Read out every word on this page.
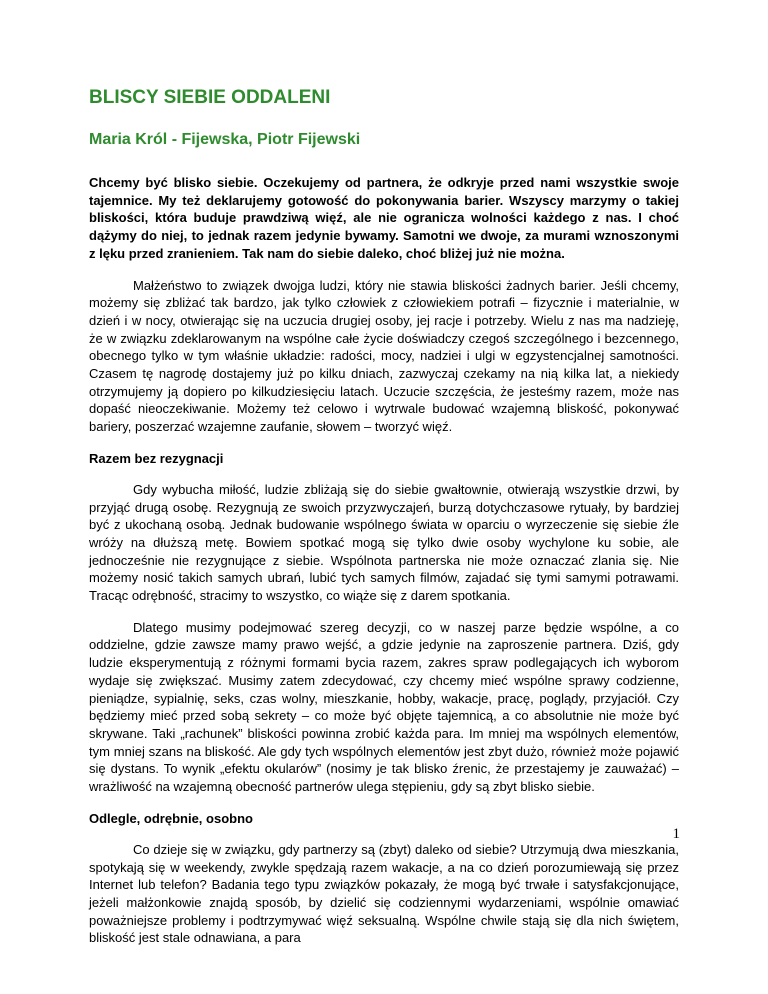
BLISCY SIEBIE ODDALENI
Maria Król - Fijewska, Piotr Fijewski

Chcemy być blisko siebie. Oczekujemy od partnera, że odkryje przed nami wszystkie swoje tajemnice. My też deklarujemy gotowość do pokonywania barier. Wszyscy marzymy o takiej bliskości, która buduje prawdziwą więź, ale nie ogranicza wolności każdego z nas. I choć dążymy do niej, to jednak razem jedynie bywamy. Samotni we dwoje, za murami wznoszonymi z lęku przed zranieniem. Tak nam do siebie daleko, choć bliżej już nie można.

Małżeństwo to związek dwojga ludzi, który nie stawia bliskości żadnych barier. Jeśli chcemy, możemy się zbliżać tak bardzo, jak tylko człowiek z człowiekiem potrafi – fizycznie i materialnie, w dzień i w nocy, otwierając się na uczucia drugiej osoby, jej racje i potrzeby. Wielu z nas ma nadzieję, że w związku zdeklarowanym na wspólne całe życie doświadczy czegoś szczególnego i bezcennego, obecnego tylko w tym właśnie układzie: radości, mocy, nadziei i ulgi w egzystencjalnej samotności. Czasem tę nagrodę dostajemy już po kilku dniach, zazwyczaj czekamy na nią kilka lat, a niekiedy otrzymujemy ją dopiero po kilkudziesięciu latach. Uczucie szczęścia, że jesteśmy razem, może nas dopaść nieoczekiwanie. Możemy też celowo i wytrwale budować wzajemną bliskość, pokonywać bariery, poszerzać wzajemne zaufanie, słowem – tworzyć więź.

Razem bez rezygnacji

Gdy wybucha miłość, ludzie zbliżają się do siebie gwałtownie, otwierają wszystkie drzwi, by przyjąć drugą osobę. Rezygnują ze swoich przyzwyczajeń, burzą dotychczasowe rytuały, by bardziej być z ukochaną osobą. Jednak budowanie wspólnego świata w oparciu o wyrzeczenie się siebie źle wróży na dłuższą metę. Bowiem spotkać mogą się tylko dwie osoby wychylone ku sobie, ale jednocześnie nie rezygnujące z siebie. Wspólnota partnerska nie może oznaczać zlania się. Nie możemy nosić takich samych ubrań, lubić tych samych filmów, zajadać się tymi samymi potrawami. Tracąc odrębność, stracimy to wszystko, co wiąże się z darem spotkania.

Dlatego musimy podejmować szereg decyzji, co w naszej parze będzie wspólne, a co oddzielne, gdzie zawsze mamy prawo wejść, a gdzie jedynie na zaproszenie partnera. Dziś, gdy ludzie eksperymentują z różnymi formami bycia razem, zakres spraw podlegających ich wyborom wydaje się zwiększać. Musimy zatem zdecydować, czy chcemy mieć wspólne sprawy codzienne, pieniądze, sypialnię, seks, czas wolny, mieszkanie, hobby, wakacje, pracę, poglądy, przyjaciół. Czy będziemy mieć przed sobą sekrety – co może być objęte tajemnicą, a co absolutnie nie może być skrywane. Taki „rachunek” bliskości powinna zrobić każda para. Im mniej ma wspólnych elementów, tym mniej szans na bliskość. Ale gdy tych wspólnych elementów jest zbyt dużo, również może pojawić się dystans. To wynik „efektu okularów” (nosimy je tak blisko źrenic, że przestajemy je zauważać) – wrażliwość na wzajemną obecność partnerów ulega stępieniu, gdy są zbyt blisko siebie.

Odlegle, odrębnie, osobno

Co dzieje się w związku, gdy partnerzy są (zbyt) daleko od siebie? Utrzymują dwa mieszkania, spotykają się w weekendy, zwykle spędzają razem wakacje, a na co dzień porozumiewają się przez Internet lub telefon? Badania tego typu związków pokazały, że mogą być trwałe i satysfakcjonujące, jeżeli małżonkowie znajdą sposób, by dzielić się codziennymi wydarzeniami, wspólnie omawiać poważniejsze problemy i podtrzymywać więź seksualną. Wspólne chwile stają się dla nich świętem, bliskość jest stale odnawiana, a para

1
